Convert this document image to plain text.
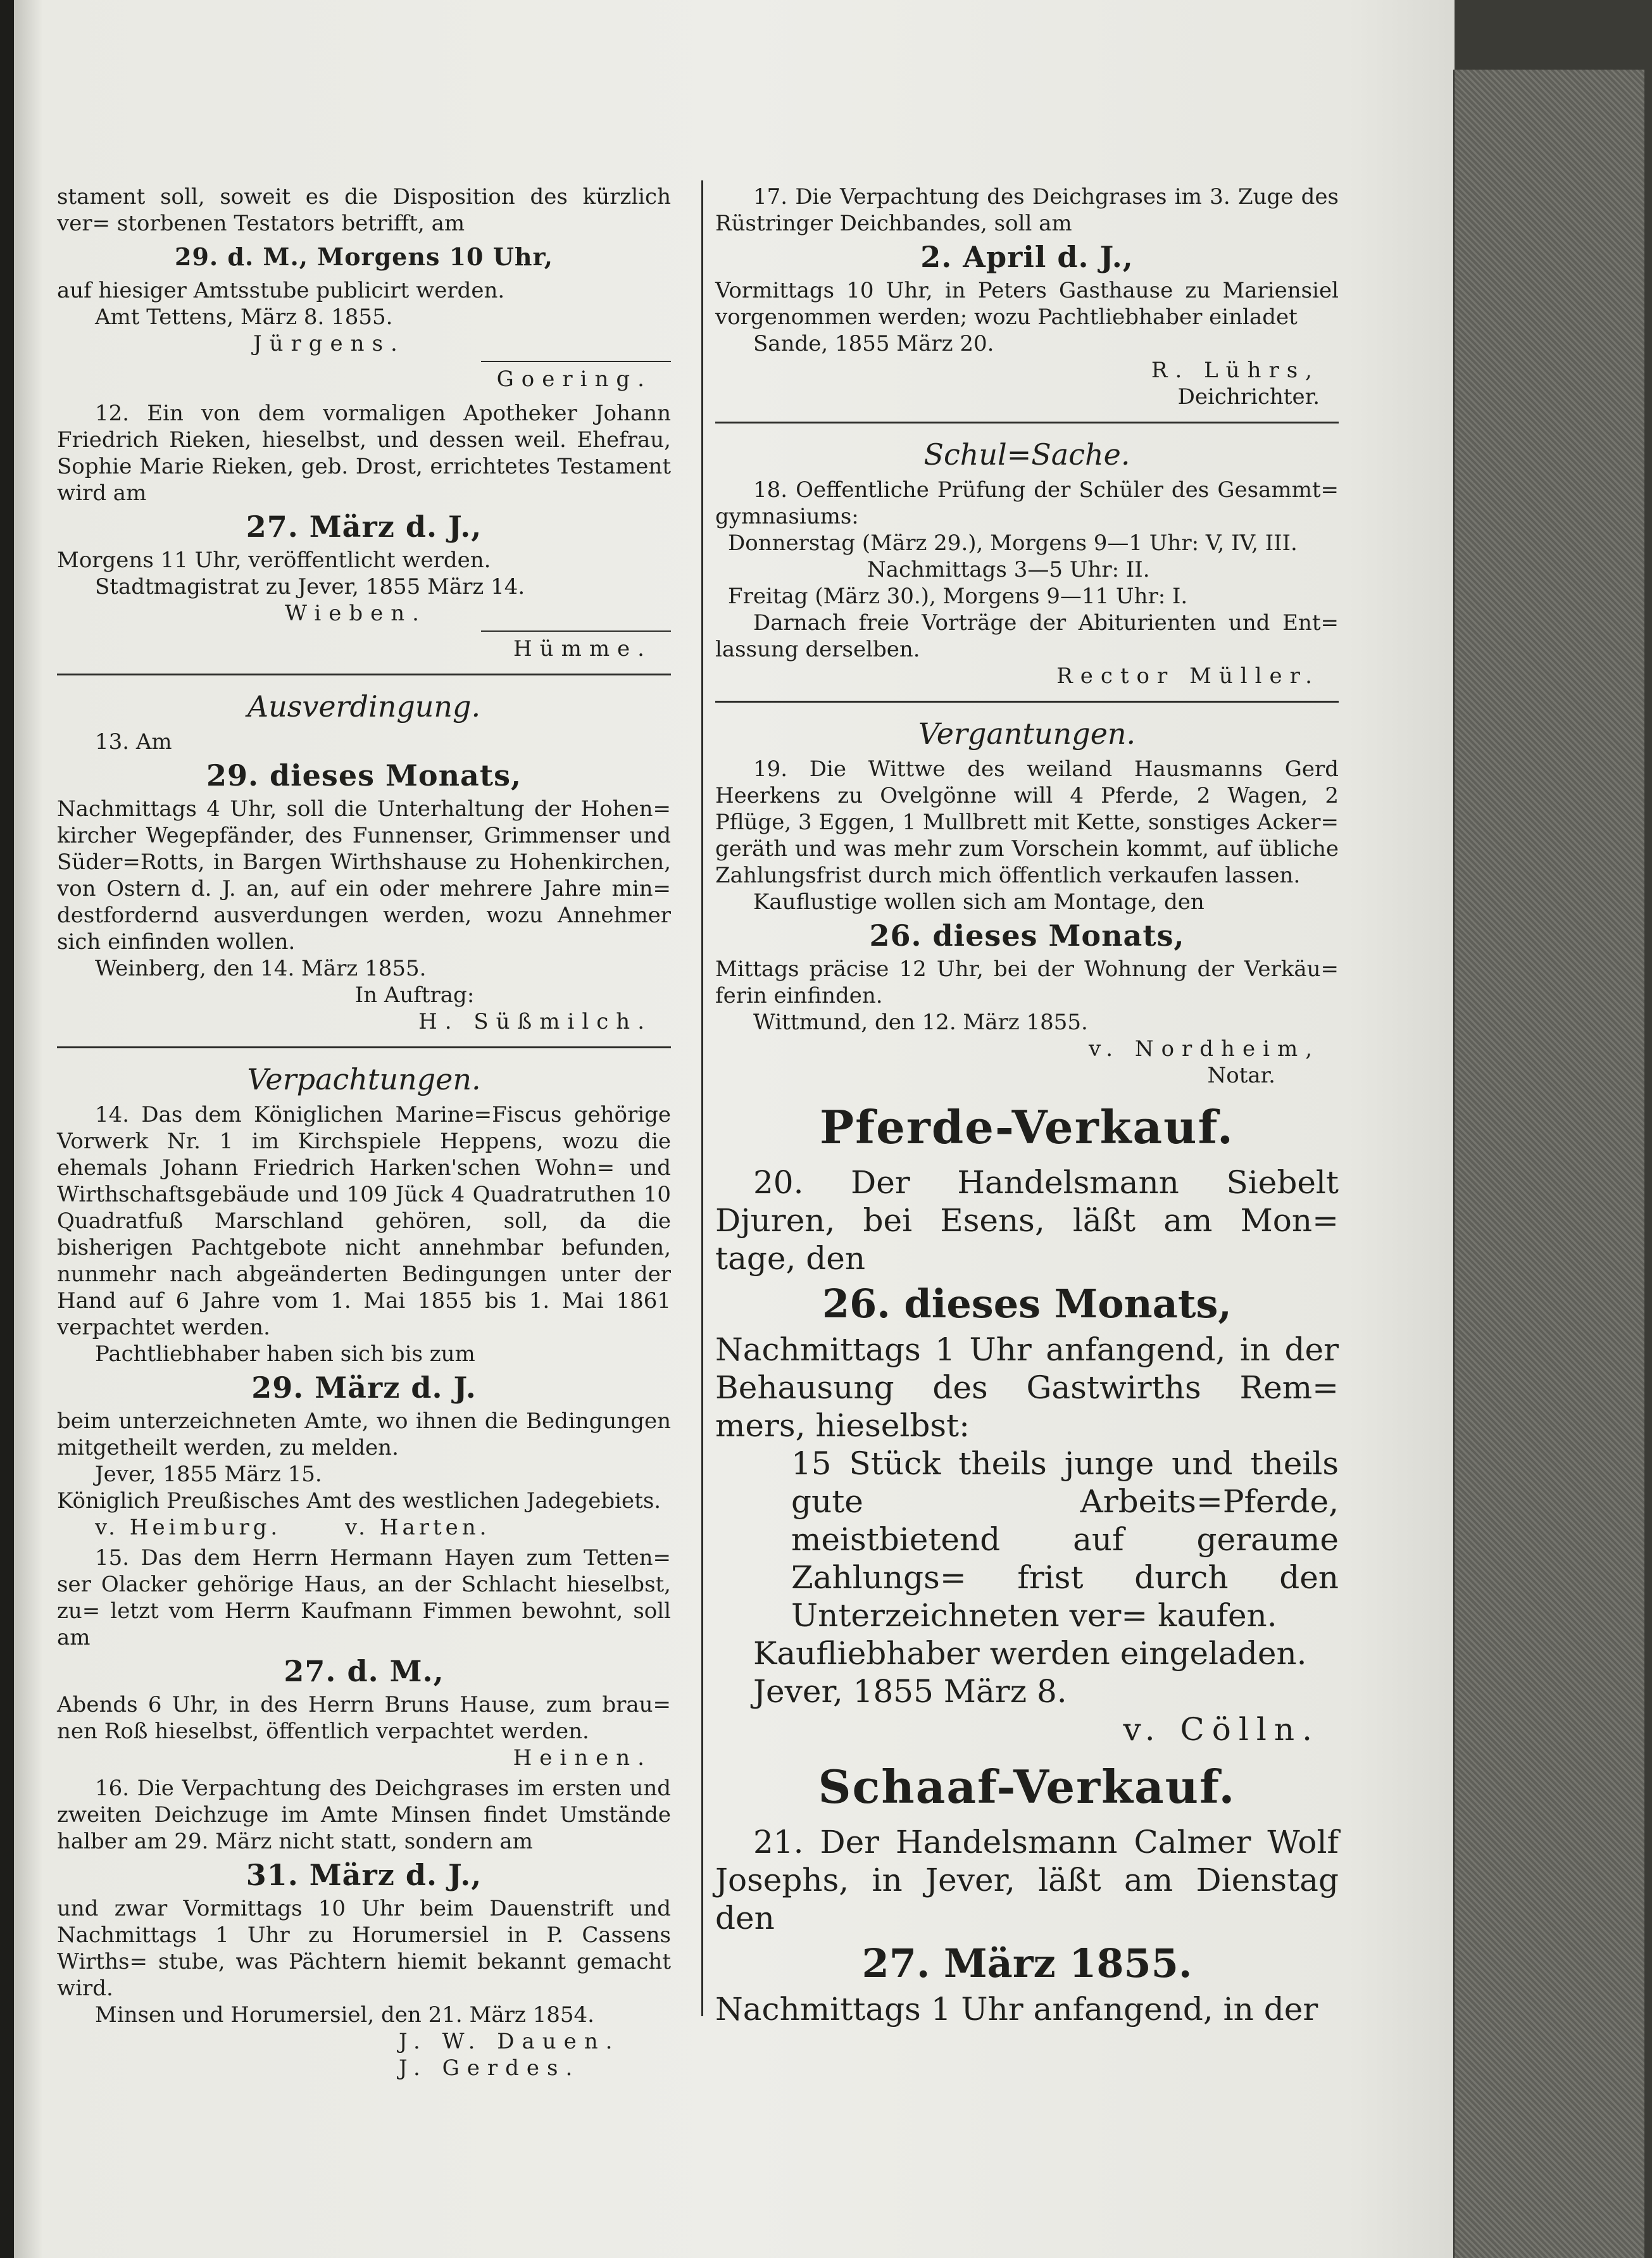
stament soll, soweit es die Disposition des kürzlich ver= storbenen Testators betrifft, am

29. d. M., Morgens 10 Uhr,

auf hiesiger Amtsstube publicirt werden.

Amt Tettens, März 8. 1855.

Jürgens.

Goering.

12. Ein von dem vormaligen Apotheker Johann Friedrich Rieken, hieselbst, und dessen weil. Ehefrau, Sophie Marie Rieken, geb. Drost, errichtetes Testament wird am

27. März d. J.,

Morgens 11 Uhr, veröffentlicht werden.

Stadtmagistrat zu Jever, 1855 März 14.

Wieben.

Hümme.

Ausverdingung.

13. Am

29. dieses Monats,

Nachmittags 4 Uhr, soll die Unterhaltung der Hohen= kircher Wegepfänder, des Funnenser, Grimmenser und Süder=Rotts, in Bargen Wirthshause zu Hohenkirchen, von Ostern d. J. an, auf ein oder mehrere Jahre min= destfordernd ausverdungen werden, wozu Annehmer sich einfinden wollen.

Weinberg, den 14. März 1855.

In Auftrag:

H. Süßmilch.

Verpachtungen.

14. Das dem Königlichen Marine=Fiscus gehörige Vorwerk Nr. 1 im Kirchspiele Heppens, wozu die ehemals Johann Friedrich Harken'schen Wohn= und Wirthschaftsgebäude und 109 Jück 4 Quadratruthen 10 Quadratfuß Marschland gehören, soll, da die bisherigen Pachtgebote nicht annehmbar befunden, nunmehr nach abgeänderten Bedingungen unter der Hand auf 6 Jahre vom 1. Mai 1855 bis 1. Mai 1861 verpachtet werden.

Pachtliebhaber haben sich bis zum

29. März d. J.

beim unterzeichneten Amte, wo ihnen die Bedingungen mitgetheilt werden, zu melden.

Jever, 1855 März 15.

Königlich Preußisches Amt des westlichen Jadegebiets.

v. Heimburg.      v. Harten.

15. Das dem Herrn Hermann Hayen zum Tetten= ser Olacker gehörige Haus, an der Schlacht hieselbst, zu= letzt vom Herrn Kaufmann Fimmen bewohnt, soll am

27. d. M.,

Abends 6 Uhr, in des Herrn Bruns Hause, zum brau= nen Roß hieselbst, öffentlich verpachtet werden.

Heinen.

16. Die Verpachtung des Deichgrases im ersten und zweiten Deichzuge im Amte Minsen findet Umstände halber am 29. März nicht statt, sondern am

31. März d. J.,

und zwar Vormittags 10 Uhr beim Dauenstrift und Nachmittags 1 Uhr zu Horumersiel in P. Cassens Wirths= stube, was Pächtern hiemit bekannt gemacht wird.

Minsen und Horumersiel, den 21. März 1854.

J. W. Dauen.

J. Gerdes.

17. Die Verpachtung des Deichgrases im 3. Zuge des Rüstringer Deichbandes, soll am

2. April d. J.,

Vormittags 10 Uhr, in Peters Gasthause zu Mariensiel vorgenommen werden; wozu Pachtliebhaber einladet

Sande, 1855 März 20.

R. Lührs,

Deichrichter.

Schul=Sache.

18. Oeffentliche Prüfung der Schüler des Gesammt= gymnasiums:

Donnerstag (März 29.), Morgens 9—1 Uhr: V, IV, III.

Nachmittags 3—5 Uhr: II.

Freitag (März 30.), Morgens 9—11 Uhr: I.

Darnach freie Vorträge der Abiturienten und Ent= lassung derselben.

Rector Müller.

Vergantungen.

19. Die Wittwe des weiland Hausmanns Gerd Heerkens zu Ovelgönne will 4 Pferde, 2 Wagen, 2 Pflüge, 3 Eggen, 1 Mullbrett mit Kette, sonstiges Acker= geräth und was mehr zum Vorschein kommt, auf übliche Zahlungsfrist durch mich öffentlich verkaufen lassen.

Kauflustige wollen sich am Montage, den

26. dieses Monats,

Mittags präcise 12 Uhr, bei der Wohnung der Verkäu= ferin einfinden.

Wittmund, den 12. März 1855.

v. Nordheim,

Notar.

Pferde-Verkauf.

20. Der Handelsmann Siebelt Djuren, bei Esens, läßt am Mon= tage, den

26. dieses Monats,

Nachmittags 1 Uhr anfangend, in der Behausung des Gastwirths Rem= mers, hieselbst:

15 Stück theils junge und theils gute Arbeits=Pferde, meistbietend auf geraume Zahlungs= frist durch den Unterzeichneten ver= kaufen.

Kaufliebhaber werden eingeladen.

Jever, 1855 März 8.

v. Cölln.

Schaaf-Verkauf.

21. Der Handelsmann Calmer Wolf Josephs, in Jever, läßt am Dienstag den

27. März 1855.

Nachmittags 1 Uhr anfangend, in der
